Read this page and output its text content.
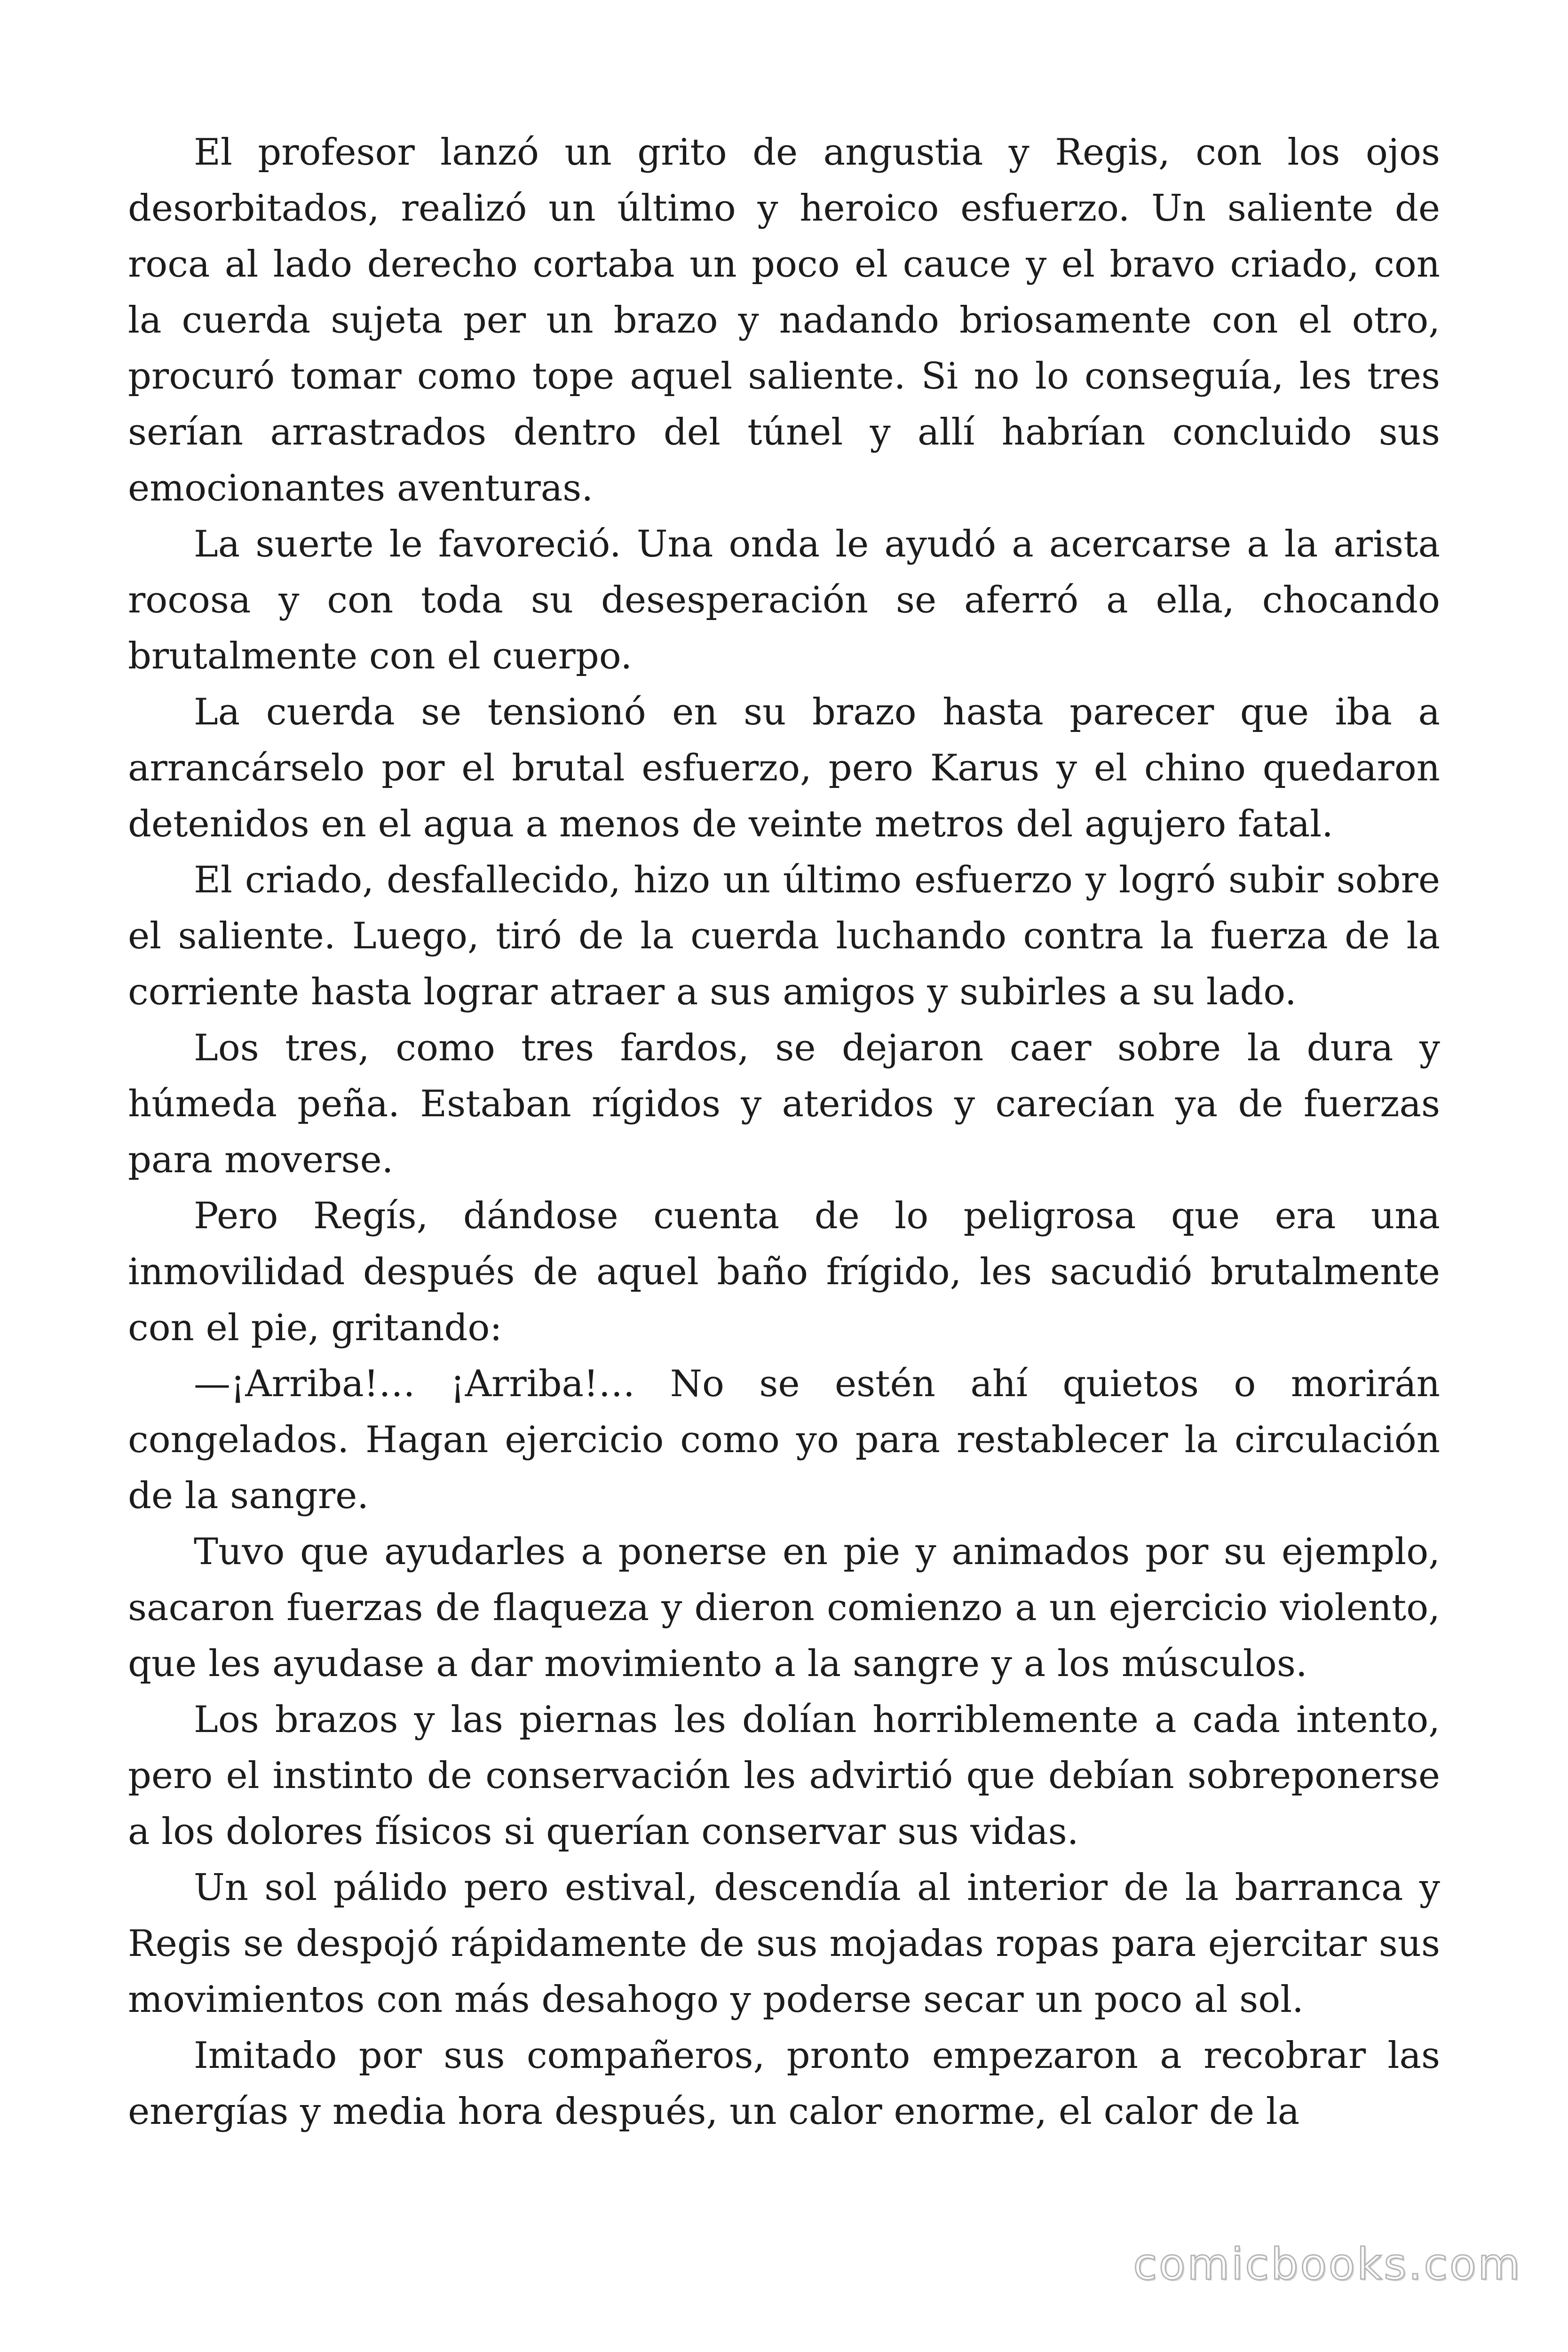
El profesor lanzó un grito de angustia y Regis, con los ojos desorbitados, realizó un último y heroico esfuerzo. Un saliente de roca al lado derecho cortaba un poco el cauce y el bravo criado, con la cuerda sujeta per un brazo y nadando briosamente con el otro, procuró tomar como tope aquel saliente. Si no lo conseguía, les tres serían arrastrados dentro del túnel y allí habrían concluido sus emocionantes aventuras.

La suerte le favoreció. Una onda le ayudó a acercarse a la arista rocosa y con toda su desesperación se aferró a ella, chocando brutalmente con el cuerpo.

La cuerda se tensionó en su brazo hasta parecer que iba a arrancárselo por el brutal esfuerzo, pero Karus y el chino quedaron detenidos en el agua a menos de veinte metros del agujero fatal.

El criado, desfallecido, hizo un último esfuerzo y logró subir sobre el saliente. Luego, tiró de la cuerda luchando contra la fuerza de la corriente hasta lograr atraer a sus amigos y subirles a su lado.

Los tres, como tres fardos, se dejaron caer sobre la dura y húmeda peña. Estaban rígidos y ateridos y carecían ya de fuerzas para moverse.

Pero Regís, dándose cuenta de lo peligrosa que era una inmovilidad después de aquel baño frígido, les sacudió brutalmente con el pie, gritando:

—¡Arriba!… ¡Arriba!… No se estén ahí quietos o morirán congelados. Hagan ejercicio como yo para restablecer la circulación de la sangre.

Tuvo que ayudarles a ponerse en pie y animados por su ejemplo, sacaron fuerzas de flaqueza y dieron comienzo a un ejercicio violento, que les ayudase a dar movimiento a la sangre y a los músculos.

Los brazos y las piernas les dolían horriblemente a cada intento, pero el instinto de conservación les advirtió que debían sobreponerse a los dolores físicos si querían conservar sus vidas.

Un sol pálido pero estival, descendía al interior de la barranca y Regis se despojó rápidamente de sus mojadas ropas para ejercitar sus movimientos con más desahogo y poderse secar un poco al sol.

Imitado por sus compañeros, pronto empezaron a recobrar las energías y media hora después, un calor enorme, el calor de la

comicbooks.com
